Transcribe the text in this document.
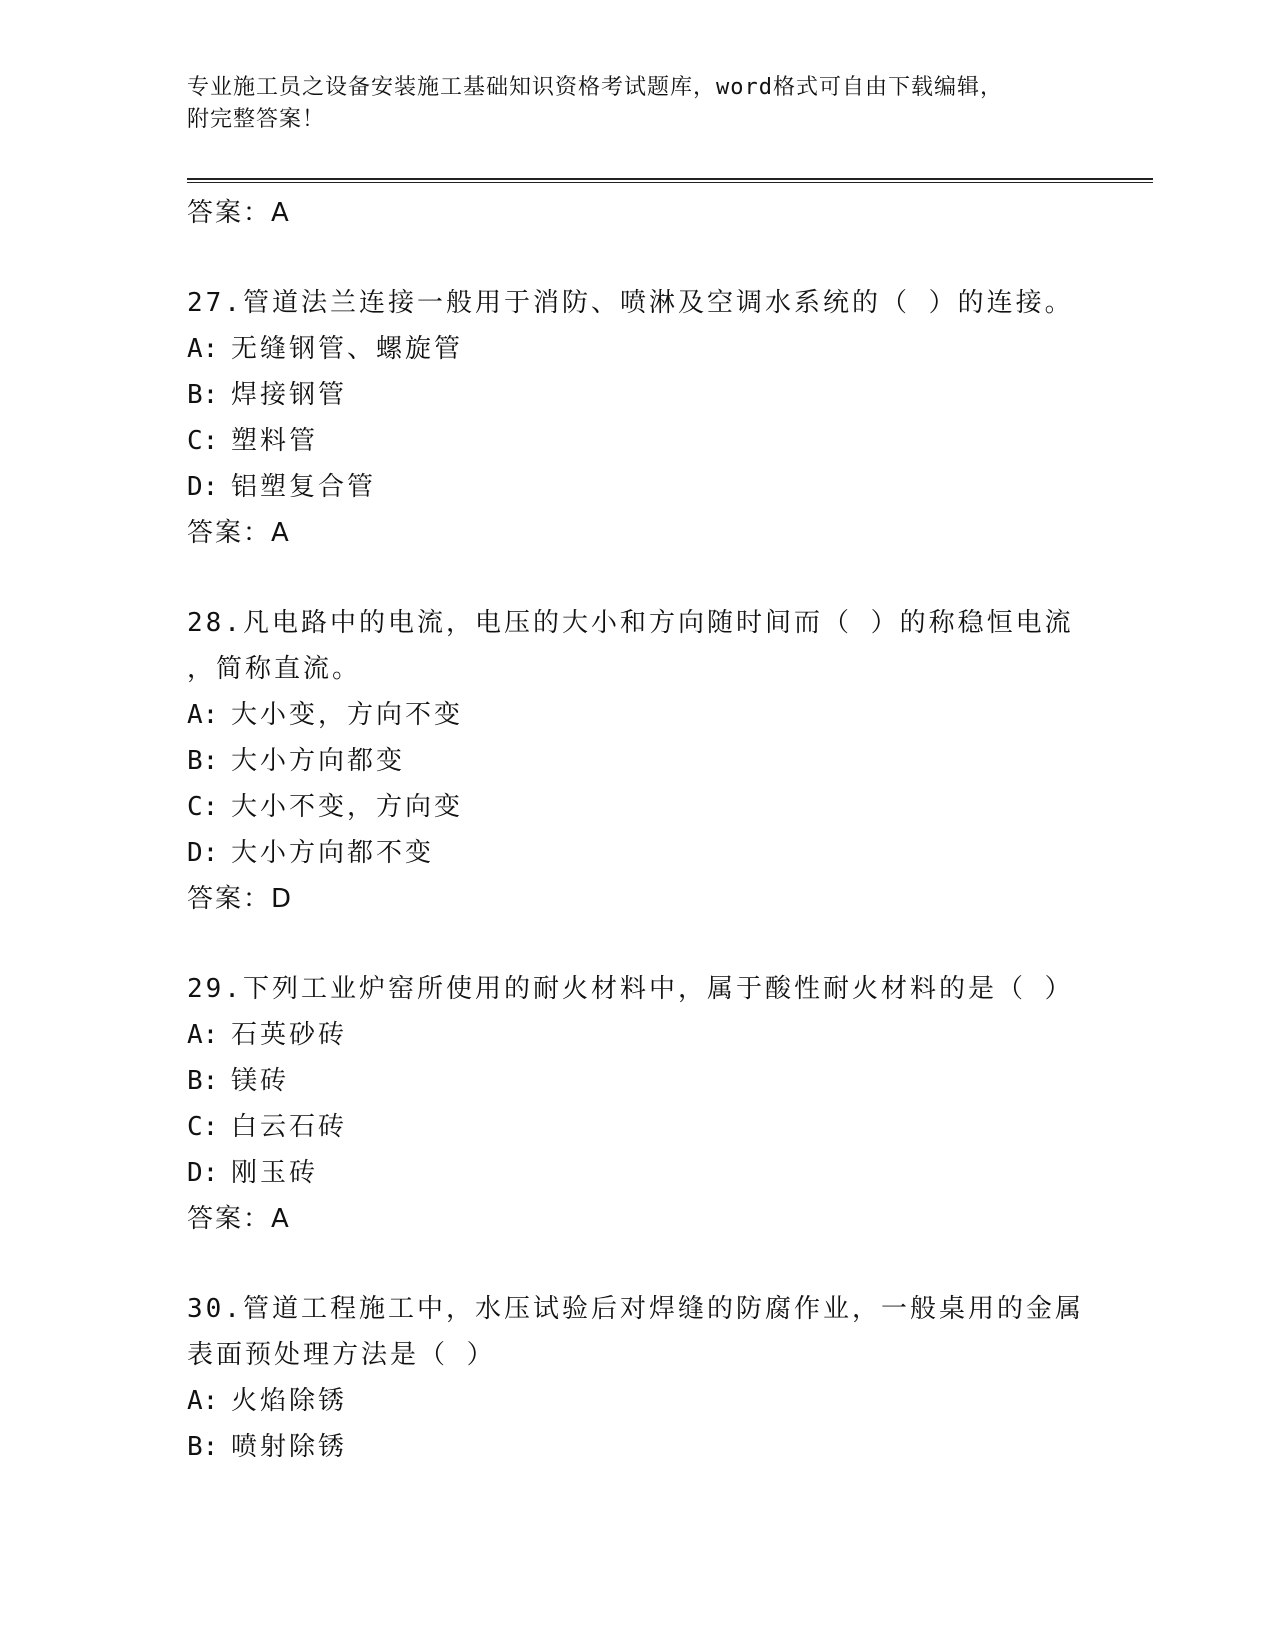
专业施工员之设备安装施工基础知识资格考试题库，word格式可自由下载编辑，

附完整答案！

答案：A

27.管道法兰连接一般用于消防、喷淋及空调水系统的（ ）的连接。

A: 无缝钢管、螺旋管

B: 焊接钢管

C: 塑料管

D: 铝塑复合管

答案：A

28.凡电路中的电流，电压的大小和方向随时间而（ ）的称稳恒电流

，简称直流。

A: 大小变，方向不变

B: 大小方向都变

C: 大小不变，方向变

D: 大小方向都不变

答案：D

29.下列工业炉窑所使用的耐火材料中，属于酸性耐火材料的是（ ）

A: 石英砂砖

B: 镁砖

C: 白云石砖

D: 刚玉砖

答案：A

30.管道工程施工中，水压试验后对焊缝的防腐作业，一般桌用的金属

表面预处理方法是（ ）

A: 火焰除锈

B: 喷射除锈
